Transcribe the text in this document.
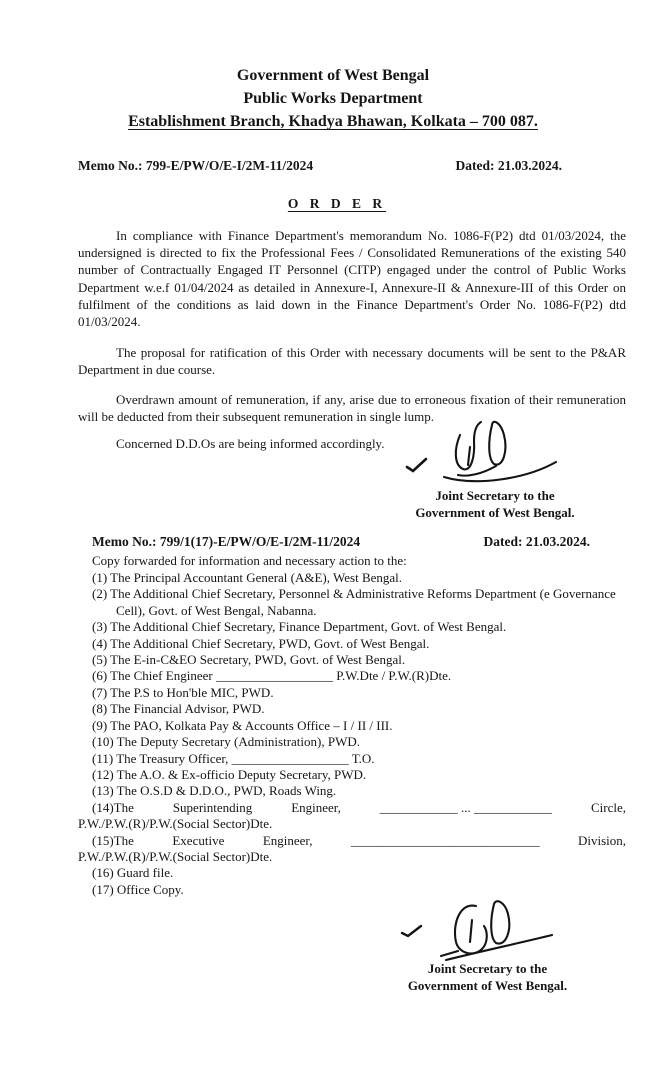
Government of West Bengal
Public Works Department
Establishment Branch, Khadya Bhawan, Kolkata – 700 087.
Memo No.: 799-E/PW/O/E-I/2M-11/2024	Dated: 21.03.2024.
O R D E R

In compliance with Finance Department's memorandum No. 1086-F(P2) dtd 01/03/2024, the undersigned is directed to fix the Professional Fees / Consolidated Remunerations of the existing 540 number of Contractually Engaged IT Personnel (CITP) engaged under the control of Public Works Department w.e.f 01/04/2024 as detailed in Annexure-I, Annexure-II & Annexure-III of this Order on fulfilment of the conditions as laid down in the Finance Department's Order No. 1086-F(P2) dtd 01/03/2024.

The proposal for ratification of this Order with necessary documents will be sent to the P&AR Department in due course.

Overdrawn amount of remuneration, if any, arise due to erroneous fixation of their remuneration will be deducted from their subsequent remuneration in single lump.

Concerned D.D.Os are being informed accordingly.

Joint Secretary to the
Government of West Bengal.
Memo No.: 799/1(17)-E/PW/O/E-I/2M-11/2024	Dated: 21.03.2024.
Copy forwarded for information and necessary action to the:
(1) The Principal Accountant General (A&E), West Bengal.
(2) The Additional Chief Secretary, Personnel & Administrative Reforms Department (e Governance Cell), Govt. of West Bengal, Nabanna.
(3) The Additional Chief Secretary, Finance Department, Govt. of West Bengal.
(4) The Additional Chief Secretary, PWD, Govt. of West Bengal.
(5) The E-in-C&EO Secretary, PWD, Govt. of West Bengal.
(6) The Chief Engineer __________________ P.W.Dte / P.W.(R)Dte.
(7) The P.S to Hon'ble MIC, PWD.
(8) The Financial Advisor, PWD.
(9) The PAO, Kolkata Pay & Accounts Office – I / II / III.
(10) The Deputy Secretary (Administration), PWD.
(11) The Treasury Officer, __________________ T.O.
(12) The A.O. & Ex-officio Deputy Secretary, PWD.
(13) The O.S.D & D.D.O., PWD, Roads Wing.
(14)The	Superintending	Engineer,	____________ ... ____________	Circle,
P.W./P.W.(R)/P.W.(Social Sector)Dte.
(15)The	Executive	Engineer,	_____________________________	Division,
P.W./P.W.(R)/P.W.(Social Sector)Dte.
(16) Guard file.
(17) Office Copy.
Joint Secretary to the
Government of West Bengal.
